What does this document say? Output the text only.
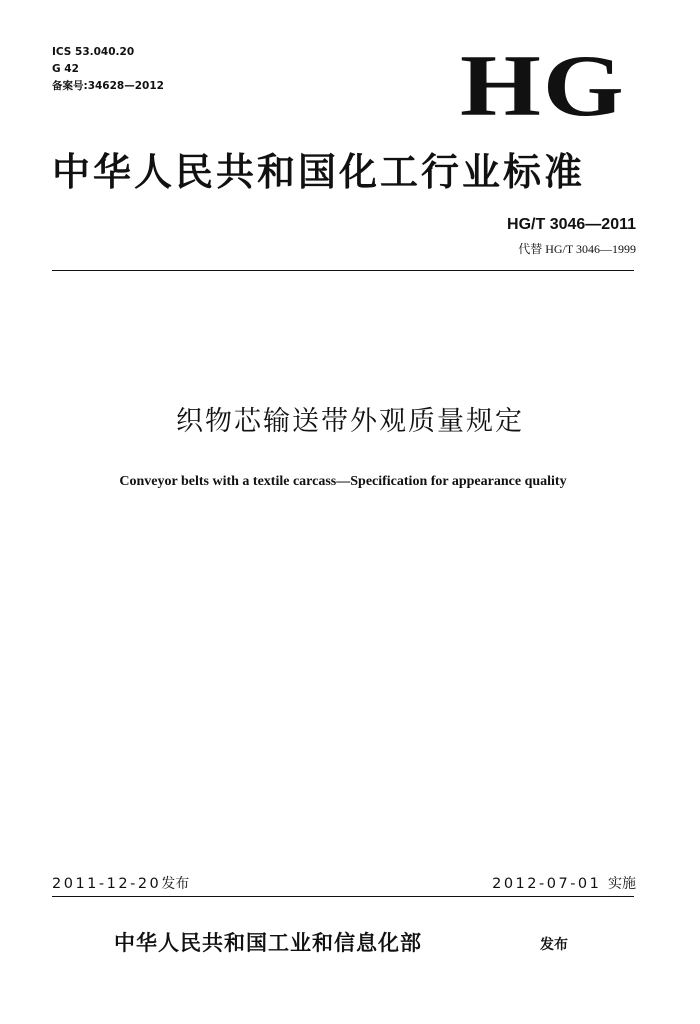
ICS 53.040.20
G 42
备案号:34628—2012	HG
中华人民共和国化工行业标准
HG/T 3046—2011
代替 HG/T 3046—1999
织物芯输送带外观质量规定
Conveyor belts with a textile carcass—Specification for appearance quality
2011-12-20发布	2012-07-01 实施
中华人民共和国工业和信息化部	发布
